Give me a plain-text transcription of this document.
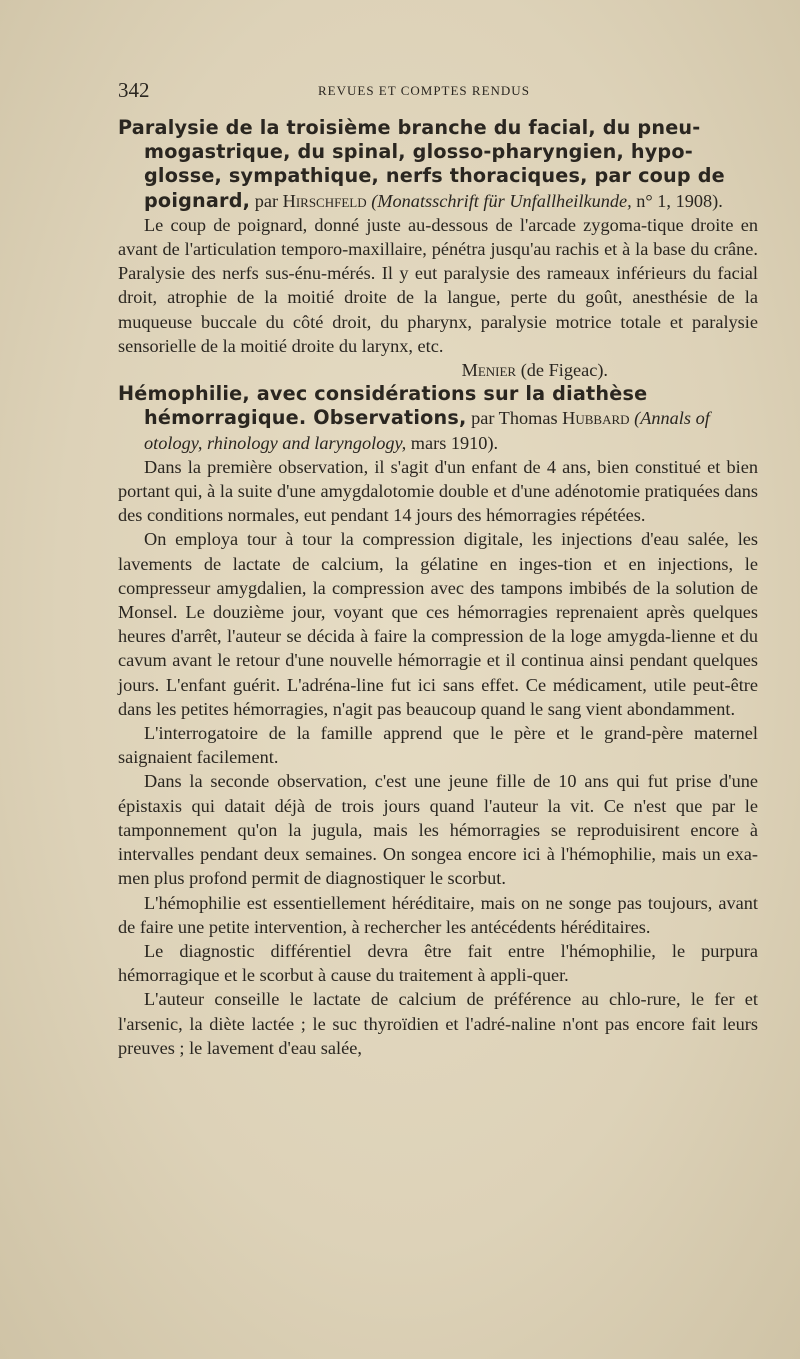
342	REVUES ET COMPTES RENDUS

Paralysie de la troisième branche du facial, du pneu-mogastrique, du spinal, glosso-pharyngien, hypo-glosse, sympathique, nerfs thoraciques, par coup de poignard, par Hirschfeld (Monatsschrift für Unfallheilkunde, n° 1, 1908).

Le coup de poignard, donné juste au-dessous de l'arcade zygoma-tique droite en avant de l'articulation temporo-maxillaire, pénétra jusqu'au rachis et à la base du crâne. Paralysie des nerfs sus-énu-mérés. Il y eut paralysie des rameaux inférieurs du facial droit, atrophie de la moitié droite de la langue, perte du goût, anesthésie de la muqueuse buccale du côté droit, du pharynx, paralysie motrice totale et paralysie sensorielle de la moitié droite du larynx, etc.

Menier (de Figeac).

Hémophilie, avec considérations sur la diathèse hémorragique. Observations, par Thomas Hubbard (Annals of otology, rhinology and laryngology, mars 1910).

Dans la première observation, il s'agit d'un enfant de 4 ans, bien constitué et bien portant qui, à la suite d'une amygdalotomie double et d'une adénotomie pratiquées dans des conditions normales, eut pendant 14 jours des hémorragies répétées.

On employa tour à tour la compression digitale, les injections d'eau salée, les lavements de lactate de calcium, la gélatine en inges-tion et en injections, le compresseur amygdalien, la compression avec des tampons imbibés de la solution de Monsel. Le douzième jour, voyant que ces hémorragies reprenaient après quelques heures d'arrêt, l'auteur se décida à faire la compression de la loge amygda-lienne et du cavum avant le retour d'une nouvelle hémorragie et il continua ainsi pendant quelques jours. L'enfant guérit. L'adréna-line fut ici sans effet. Ce médicament, utile peut-être dans les petites hémorragies, n'agit pas beaucoup quand le sang vient abondamment.

L'interrogatoire de la famille apprend que le père et le grand-père maternel saignaient facilement.

Dans la seconde observation, c'est une jeune fille de 10 ans qui fut prise d'une épistaxis qui datait déjà de trois jours quand l'auteur la vit. Ce n'est que par le tamponnement qu'on la jugula, mais les hémorragies se reproduisirent encore à intervalles pendant deux semaines. On songea encore ici à l'hémophilie, mais un exa-men plus profond permit de diagnostiquer le scorbut.

L'hémophilie est essentiellement héréditaire, mais on ne songe pas toujours, avant de faire une petite intervention, à rechercher les antécédents héréditaires.

Le diagnostic différentiel devra être fait entre l'hémophilie, le purpura hémorragique et le scorbut à cause du traitement à appli-quer.

L'auteur conseille le lactate de calcium de préférence au chlo-rure, le fer et l'arsenic, la diète lactée ; le suc thyroïdien et l'adré-naline n'ont pas encore fait leurs preuves ; le lavement d'eau salée,
